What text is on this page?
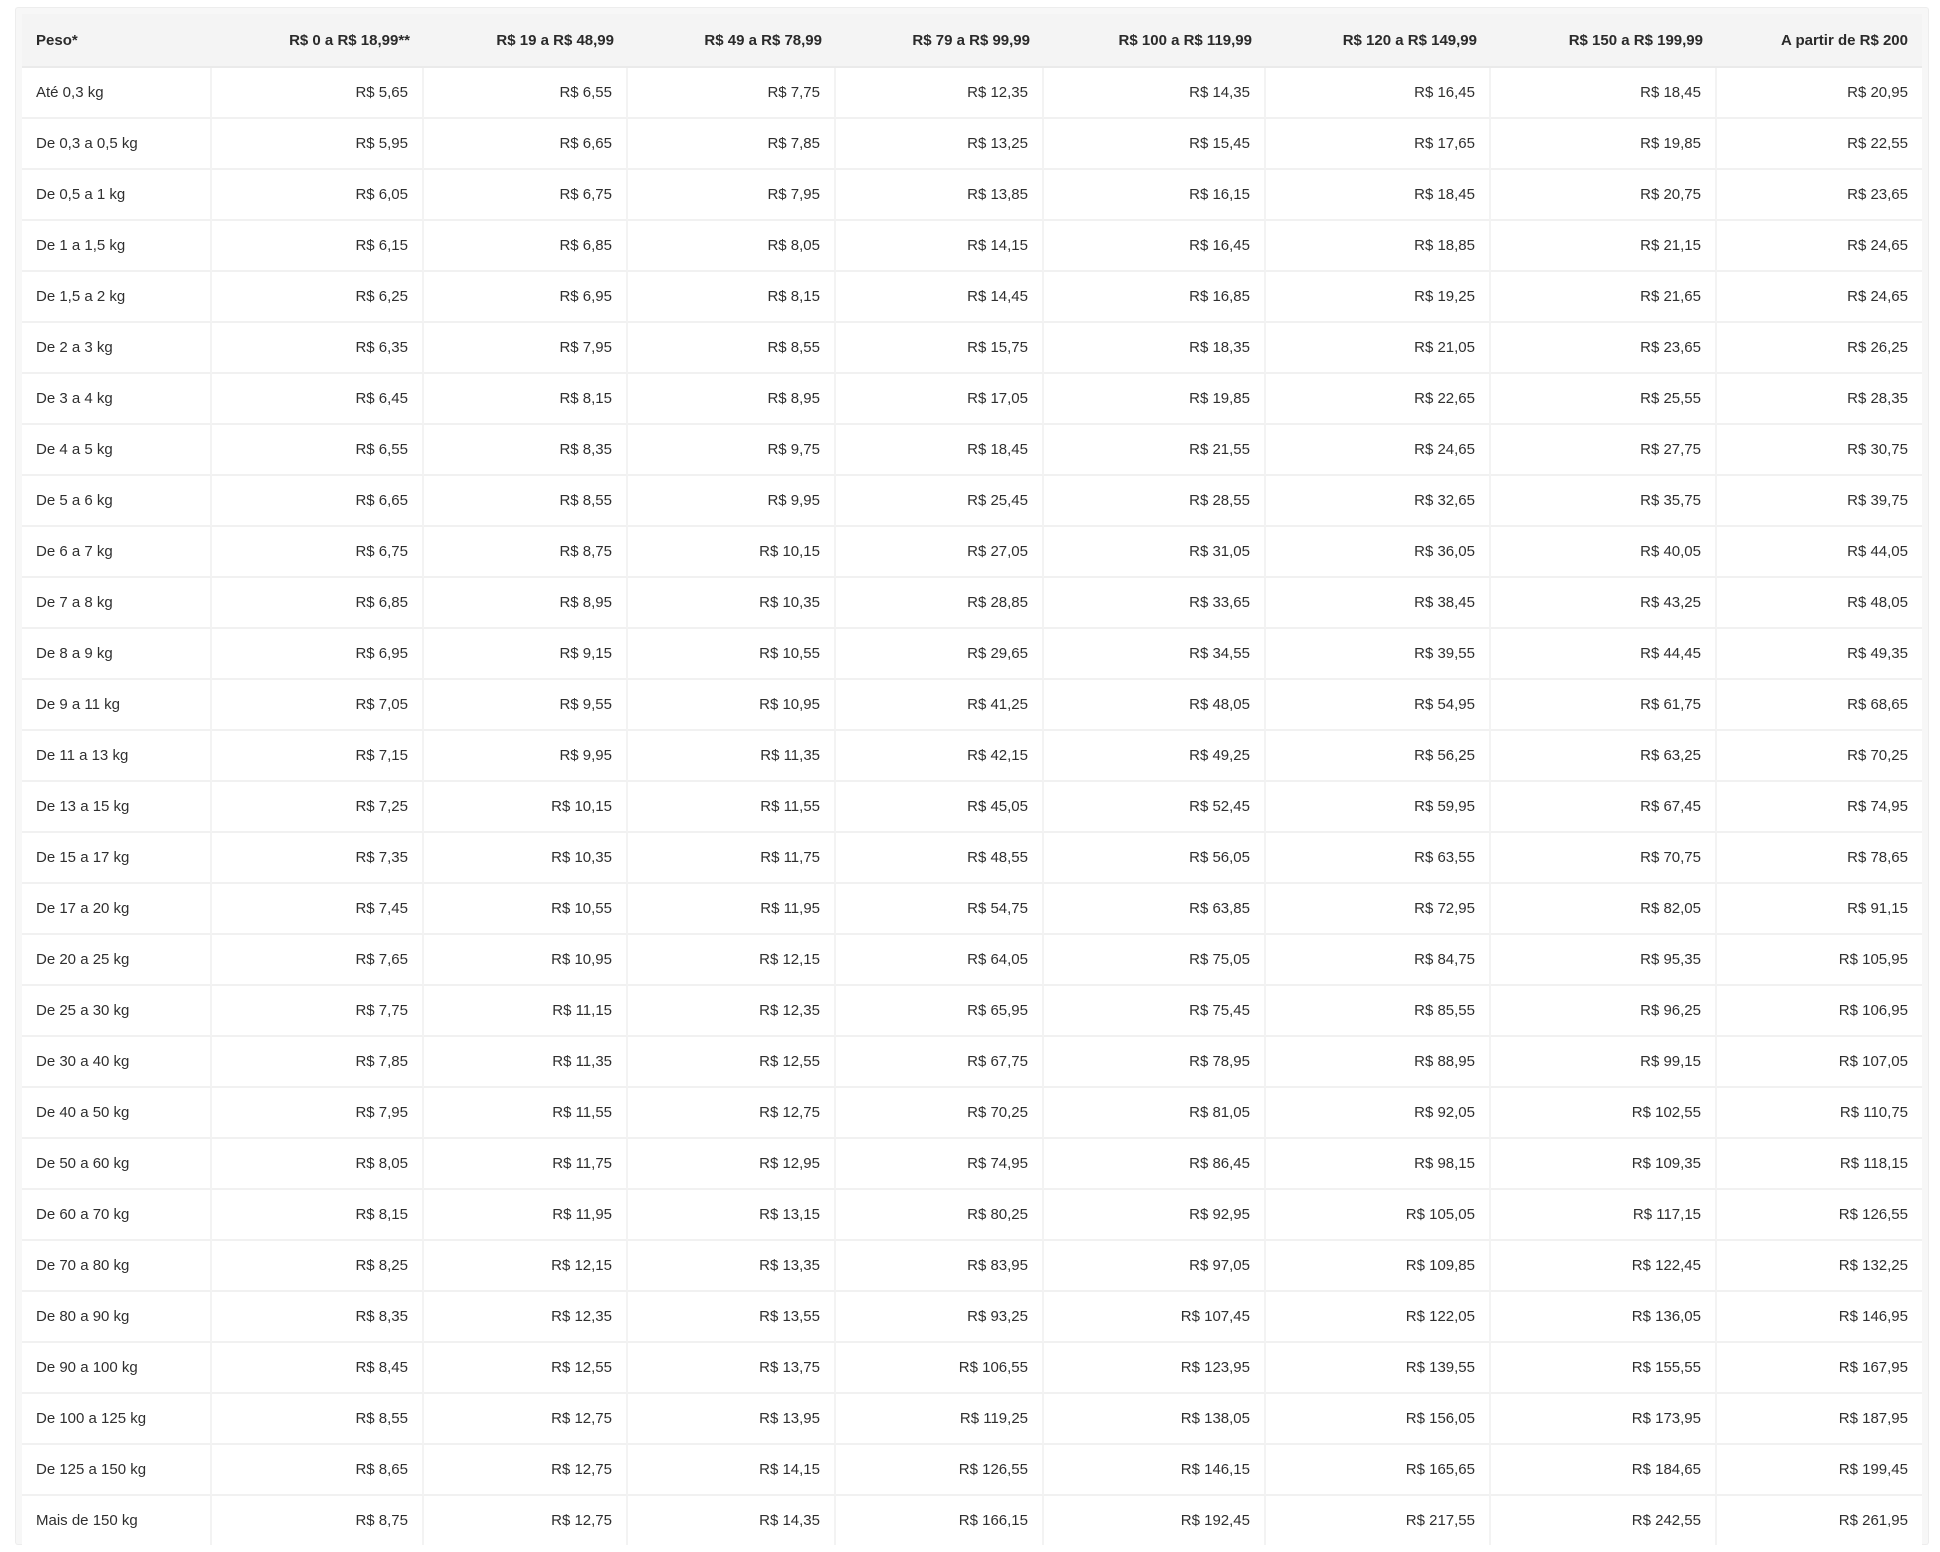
Peso*	R$ 0 a R$ 18,99**	R$ 19 a R$ 48,99	R$ 49 a R$ 78,99	R$ 79 a R$ 99,99	R$ 100 a R$ 119,99	R$ 120 a R$ 149,99	R$ 150 a R$ 199,99	A partir de R$ 200
Até 0,3 kg	R$ 5,65	R$ 6,55	R$ 7,75	R$ 12,35	R$ 14,35	R$ 16,45	R$ 18,45	R$ 20,95
De 0,3 a 0,5 kg	R$ 5,95	R$ 6,65	R$ 7,85	R$ 13,25	R$ 15,45	R$ 17,65	R$ 19,85	R$ 22,55
De 0,5 a 1 kg	R$ 6,05	R$ 6,75	R$ 7,95	R$ 13,85	R$ 16,15	R$ 18,45	R$ 20,75	R$ 23,65
De 1 a 1,5 kg	R$ 6,15	R$ 6,85	R$ 8,05	R$ 14,15	R$ 16,45	R$ 18,85	R$ 21,15	R$ 24,65
De 1,5 a 2 kg	R$ 6,25	R$ 6,95	R$ 8,15	R$ 14,45	R$ 16,85	R$ 19,25	R$ 21,65	R$ 24,65
De 2 a 3 kg	R$ 6,35	R$ 7,95	R$ 8,55	R$ 15,75	R$ 18,35	R$ 21,05	R$ 23,65	R$ 26,25
De 3 a 4 kg	R$ 6,45	R$ 8,15	R$ 8,95	R$ 17,05	R$ 19,85	R$ 22,65	R$ 25,55	R$ 28,35
De 4 a 5 kg	R$ 6,55	R$ 8,35	R$ 9,75	R$ 18,45	R$ 21,55	R$ 24,65	R$ 27,75	R$ 30,75
De 5 a 6 kg	R$ 6,65	R$ 8,55	R$ 9,95	R$ 25,45	R$ 28,55	R$ 32,65	R$ 35,75	R$ 39,75
De 6 a 7 kg	R$ 6,75	R$ 8,75	R$ 10,15	R$ 27,05	R$ 31,05	R$ 36,05	R$ 40,05	R$ 44,05
De 7 a 8 kg	R$ 6,85	R$ 8,95	R$ 10,35	R$ 28,85	R$ 33,65	R$ 38,45	R$ 43,25	R$ 48,05
De 8 a 9 kg	R$ 6,95	R$ 9,15	R$ 10,55	R$ 29,65	R$ 34,55	R$ 39,55	R$ 44,45	R$ 49,35
De 9 a 11 kg	R$ 7,05	R$ 9,55	R$ 10,95	R$ 41,25	R$ 48,05	R$ 54,95	R$ 61,75	R$ 68,65
De 11 a 13 kg	R$ 7,15	R$ 9,95	R$ 11,35	R$ 42,15	R$ 49,25	R$ 56,25	R$ 63,25	R$ 70,25
De 13 a 15 kg	R$ 7,25	R$ 10,15	R$ 11,55	R$ 45,05	R$ 52,45	R$ 59,95	R$ 67,45	R$ 74,95
De 15 a 17 kg	R$ 7,35	R$ 10,35	R$ 11,75	R$ 48,55	R$ 56,05	R$ 63,55	R$ 70,75	R$ 78,65
De 17 a 20 kg	R$ 7,45	R$ 10,55	R$ 11,95	R$ 54,75	R$ 63,85	R$ 72,95	R$ 82,05	R$ 91,15
De 20 a 25 kg	R$ 7,65	R$ 10,95	R$ 12,15	R$ 64,05	R$ 75,05	R$ 84,75	R$ 95,35	R$ 105,95
De 25 a 30 kg	R$ 7,75	R$ 11,15	R$ 12,35	R$ 65,95	R$ 75,45	R$ 85,55	R$ 96,25	R$ 106,95
De 30 a 40 kg	R$ 7,85	R$ 11,35	R$ 12,55	R$ 67,75	R$ 78,95	R$ 88,95	R$ 99,15	R$ 107,05
De 40 a 50 kg	R$ 7,95	R$ 11,55	R$ 12,75	R$ 70,25	R$ 81,05	R$ 92,05	R$ 102,55	R$ 110,75
De 50 a 60 kg	R$ 8,05	R$ 11,75	R$ 12,95	R$ 74,95	R$ 86,45	R$ 98,15	R$ 109,35	R$ 118,15
De 60 a 70 kg	R$ 8,15	R$ 11,95	R$ 13,15	R$ 80,25	R$ 92,95	R$ 105,05	R$ 117,15	R$ 126,55
De 70 a 80 kg	R$ 8,25	R$ 12,15	R$ 13,35	R$ 83,95	R$ 97,05	R$ 109,85	R$ 122,45	R$ 132,25
De 80 a 90 kg	R$ 8,35	R$ 12,35	R$ 13,55	R$ 93,25	R$ 107,45	R$ 122,05	R$ 136,05	R$ 146,95
De 90 a 100 kg	R$ 8,45	R$ 12,55	R$ 13,75	R$ 106,55	R$ 123,95	R$ 139,55	R$ 155,55	R$ 167,95
De 100 a 125 kg	R$ 8,55	R$ 12,75	R$ 13,95	R$ 119,25	R$ 138,05	R$ 156,05	R$ 173,95	R$ 187,95
De 125 a 150 kg	R$ 8,65	R$ 12,75	R$ 14,15	R$ 126,55	R$ 146,15	R$ 165,65	R$ 184,65	R$ 199,45
Mais de 150 kg	R$ 8,75	R$ 12,75	R$ 14,35	R$ 166,15	R$ 192,45	R$ 217,55	R$ 242,55	R$ 261,95
